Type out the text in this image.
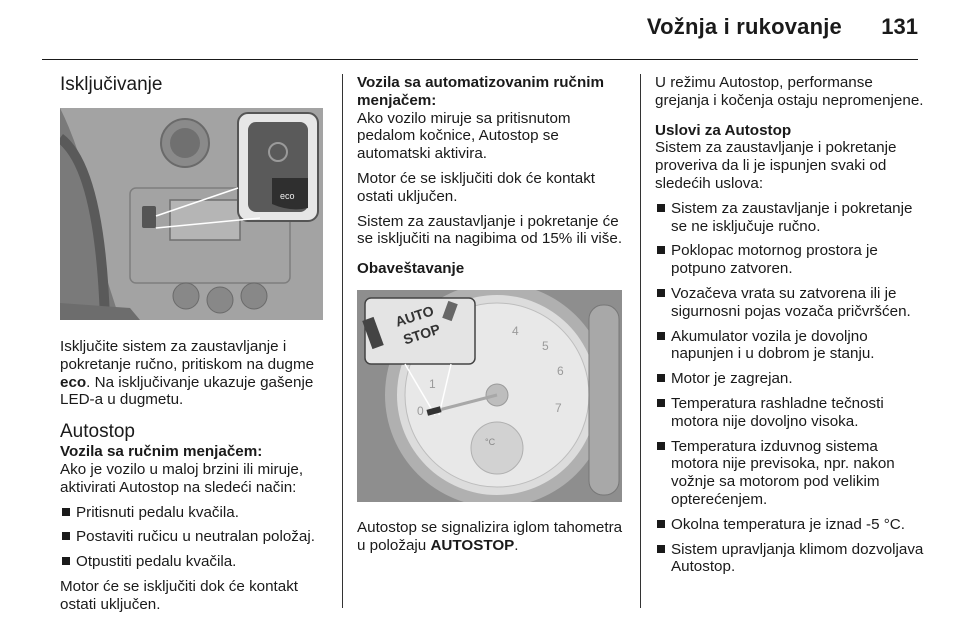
Vožnja i rukovanje 131
Isključivanje
eco

Isključite sistem za zaustavljanje i pokretanje ručno, pritiskom na dugme eco. Na isključivanje ukazuje gašenje LED-a u dugmetu.

Autostop

Vozila sa ručnim menjačem:

Ako je vozilo u maloj brzini ili miruje, aktivirati Autostop na sledeći način:

Pritisnuti pedalu kvačila.
Postaviti ručicu u neutralan položaj.
Otpustiti pedalu kvačila.

Motor će se isključiti dok će kontakt ostati uključen.

Vozila sa automatizovanim ručnim menjačem:

Ako vozilo miruje sa pritisnutom pedalom kočnice, Autostop se automatski aktivira.

Motor će se isključiti dok će kontakt ostati uključen.

Sistem za zaustavljanje i pokretanje će se isključiti na nagibima od 15% ili više.

Obaveštavanje

4
5
6
7
1
0
°C
AUTO
STOP

Autostop se signalizira iglom tahometra u položaju AUTOSTOP.

U režimu Autostop, performanse grejanja i kočenja ostaju nepromenjene.

Uslovi za Autostop

Sistem za zaustavljanje i pokretanje proveriva da li je ispunjen svaki od sledećih uslova:

Sistem za zaustavljanje i pokretanje se ne isključuje ručno.
Poklopac motornog prostora je potpuno zatvoren.
Vozačeva vrata su zatvorena ili je sigurnosni pojas vozača pričvršćen.
Akumulator vozila je dovoljno napunjen i u dobrom je stanju.
Motor je zagrejan.
Temperatura rashladne tečnosti motora nije dovoljno visoka.
Temperatura izduvnog sistema motora nije previsoka, npr. nakon vožnje sa motorom pod velikim opterećenjem.
Okolna temperatura je iznad -5 °C.
Sistem upravljanja klimom dozvoljava Autostop.
